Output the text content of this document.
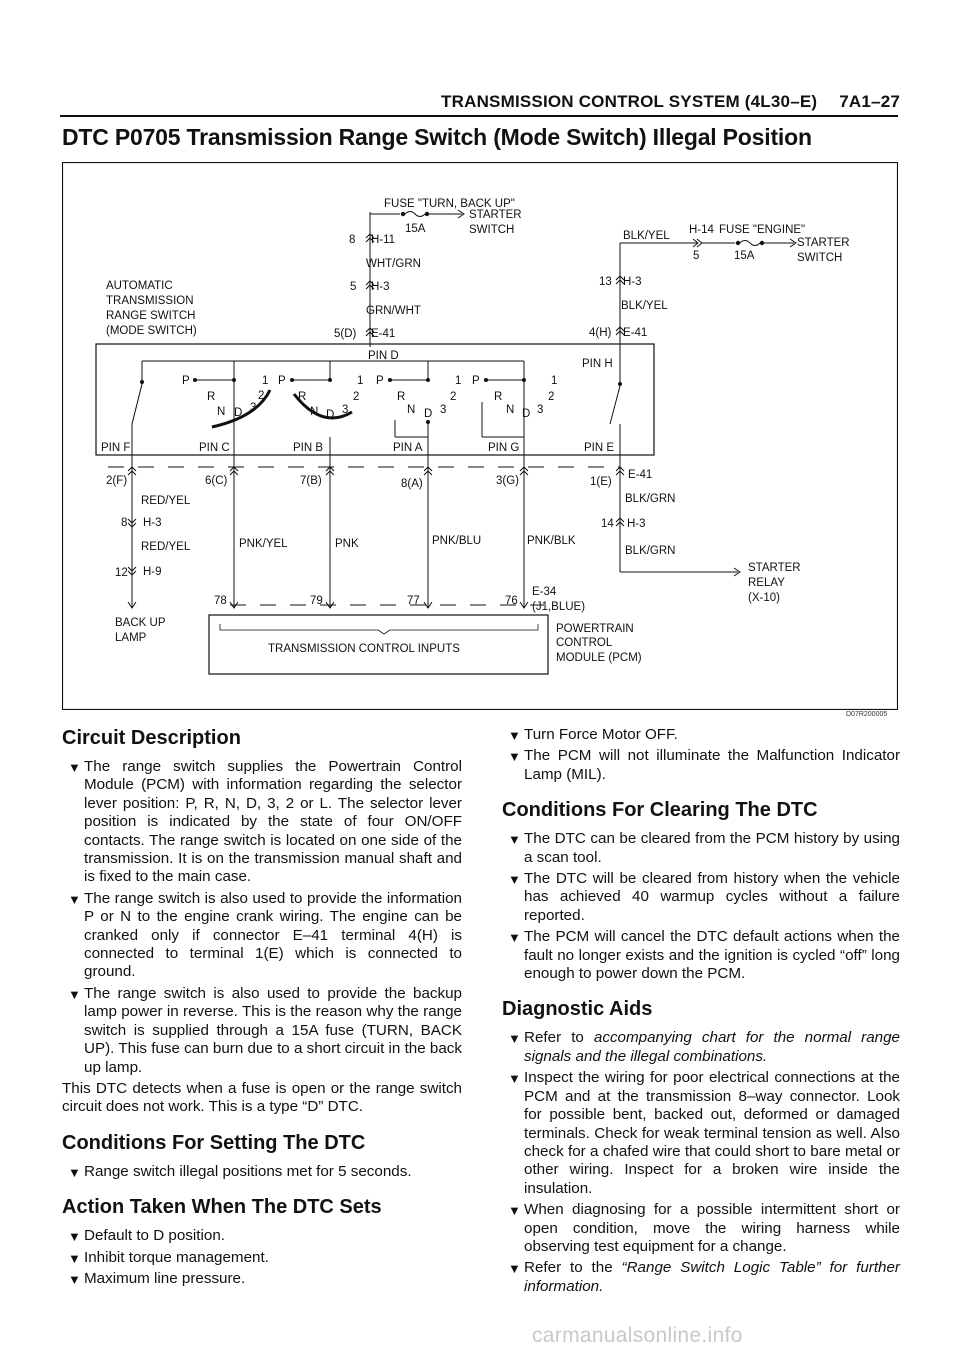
TRANSMISSION CONTROL SYSTEM (4L30–E) 7A1–27
DTC P0705 Transmission Range Switch (Mode Switch) Illegal Position
FUSE "TURN, BACK UP"
15A
STARTER
SWITCH
8 H-11
WHT/GRN
5 H-3
GRN/WHT
5(D) E-41
AUTOMATIC
TRANSMISSION
RANGE SWITCH
(MODE SWITCH)
BLK/YEL H-14 FUSE "ENGINE"
5	15A
STARTER
SWITCH
13 H-3
BLK/YEL
4(H) E-41
PIN D
PIN H
P	1
R
N D 3
2
P	1
R
N D 3
2
P	1
R
N D 3
2
P	1
R
N D 3
2
PIN F	PIN C	PIN B	PIN A	PIN G	PIN E
2(F)	6(C)	7(B)	8(A)	3(G)	1(E)
E-41
RED/YEL
8 H-3
RED/YEL
12 H-9
BACK UP
LAMP
PNK/YEL	PNK	PNK/BLU	PNK/BLK
BLK/GRN
14 H-3
BLK/GRN
STARTER
RELAY
(X-10)
78	79	77	76
E-34
(J1,BLUE)
TRANSMISSION CONTROL INPUTS
POWERTRAIN
CONTROL
MODULE (PCM)
D07R200005
Circuit Description
▼ The range switch supplies the Powertrain Control Module (PCM) with information regarding the selector lever position: P, R, N, D, 3, 2 or L. The selector lever position is indicated by the state of four ON/OFF contacts. The range switch is located on one side of the transmission. It is on the transmission manual shaft and is fixed to the main case.
▼ The range switch is also used to provide the information P or N to the engine crank wiring. The engine can be cranked only if connector E–41 terminal 4(H) is connected to terminal 1(E) which is connected to ground.
▼ The range switch is also used to provide the backup lamp power in reverse. This is the reason why the range switch is supplied through a 15A fuse (TURN, BACK UP). This fuse can burn due to a short circuit in the back up lamp.

This DTC detects when a fuse is open or the range switch circuit does not work. This is a type “D” DTC.

Conditions For Setting The DTC
▼ Range switch illegal positions met for 5 seconds.
Action Taken When The DTC Sets
▼ Default to D position.
▼ Inhibit torque management.
▼ Maximum line pressure.
▼ Turn Force Motor OFF.
▼ The PCM will not illuminate the Malfunction Indicator Lamp (MIL).
Conditions For Clearing The DTC
▼ The DTC can be cleared from the PCM history by using a scan tool.
▼ The DTC will be cleared from history when the vehicle has achieved 40 warmup cycles without a failure reported.
▼ The PCM will cancel the DTC default actions when the fault no longer exists and the ignition is cycled “off” long enough to power down the PCM.
Diagnostic Aids
▼ Refer to accompanying chart for the normal range signals and the illegal combinations.
▼ Inspect the wiring for poor electrical connections at the PCM and at the transmission 8–way connector. Look for possible bent, backed out, deformed or damaged terminals. Check for weak terminal tension as well. Also check for a chafed wire that could short to bare metal or other wiring. Inspect for a broken wire inside the insulation.
▼ When diagnosing for a possible intermittent short or open condition, move the wiring harness while observing test equipment for a change.
▼ Refer to the “Range Switch Logic Table” for further information.
carmanualsonline.info
